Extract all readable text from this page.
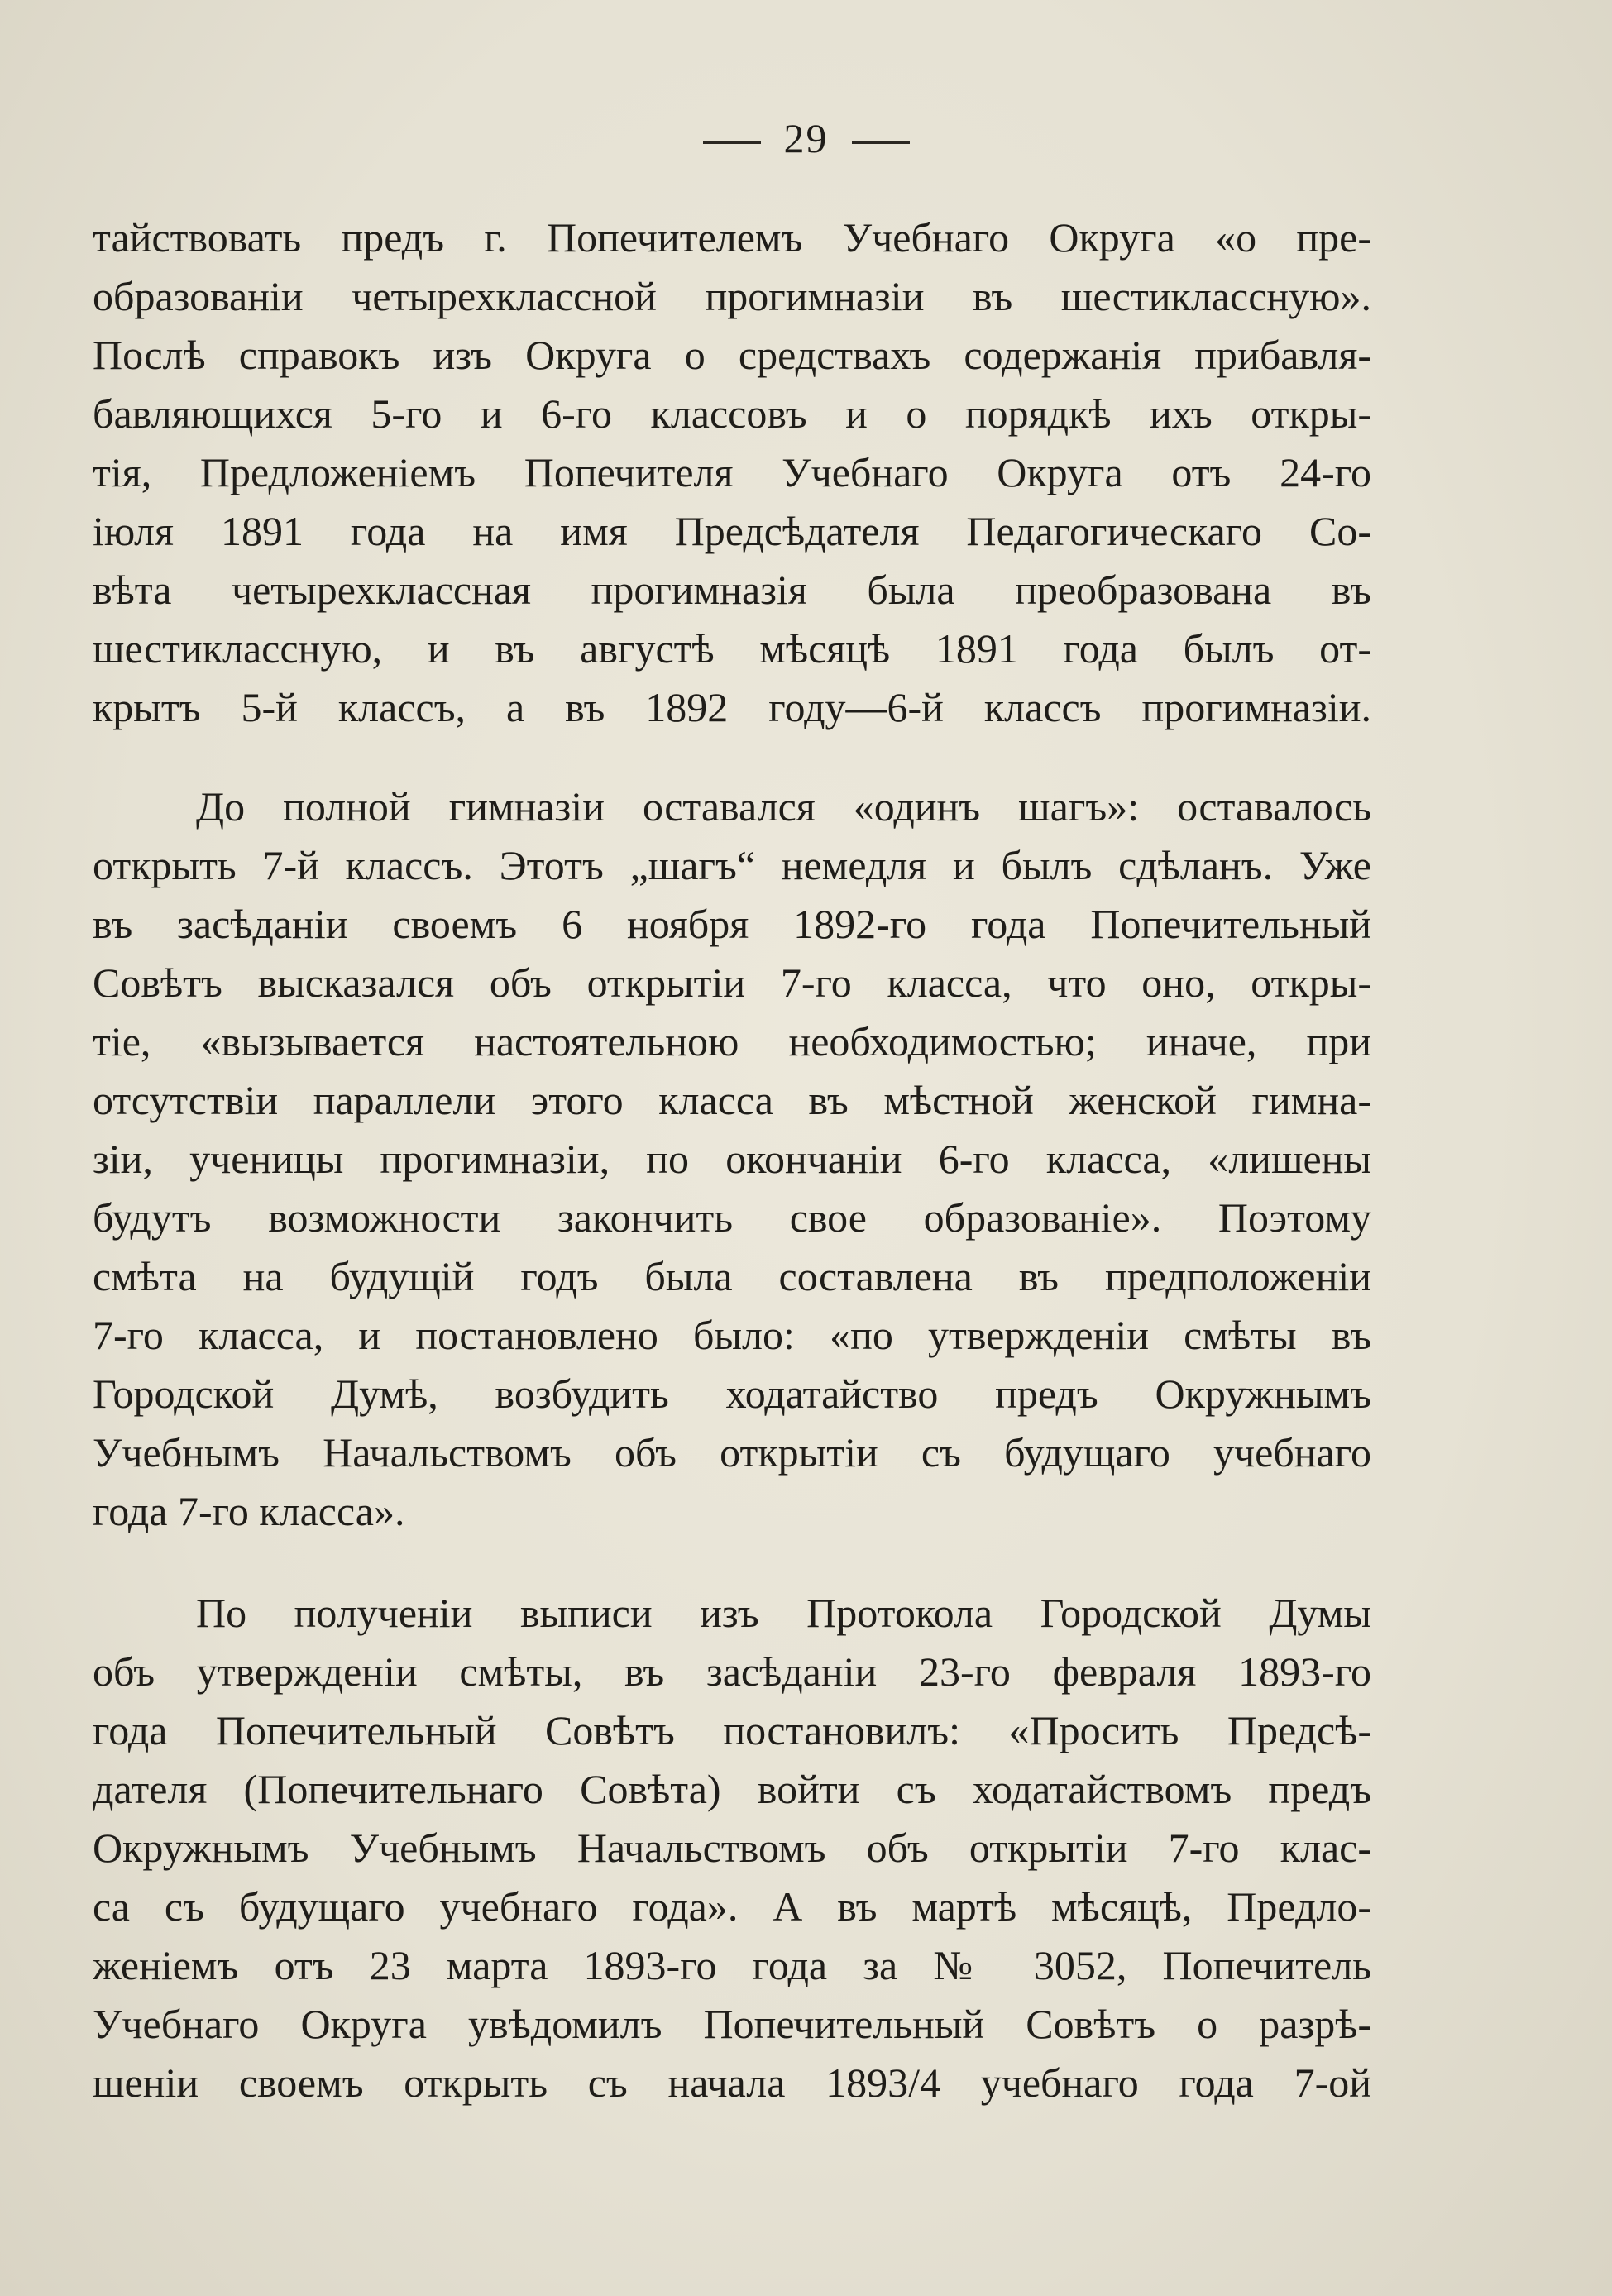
29
тайствовать предъ г. Попечителемъ Учебнаго Округа «о пре-
образованіи четырехклассной прогимназіи въ шестиклассную».
Послѣ справокъ изъ Округа о средствахъ содержанія прибавля-
бавляющихся 5-го и 6-го классовъ и о порядкѣ ихъ откры-
тія, Предложеніемъ Попечителя Учебнаго Округа отъ 24-го
іюля 1891 года на имя Предсѣдателя Педагогическаго Со-
вѣта четырехклассная прогимназія была преобразована въ
шестиклассную, и въ августѣ мѣсяцѣ 1891 года былъ от-
крытъ 5-й классъ, а въ 1892 году—6-й классъ прогимназіи.
До полной гимназіи оставался «одинъ шагъ»: оставалось
открыть 7-й классъ. Этотъ „шагъ“ немедля и былъ сдѣланъ. Уже
въ засѣданіи своемъ 6 ноября 1892-го года Попечительный
Совѣтъ высказался объ открытіи 7-го класса, что оно, откры-
тіе, «вызывается настоятельною необходимостью; иначе, при
отсутствіи параллели этого класса въ мѣстной женской гимна-
зіи, ученицы прогимназіи, по окончаніи 6-го класса, «лишены
будутъ возможности закончить свое образованіе». Поэтому
смѣта на будущій годъ была составлена въ предположеніи
7-го класса, и постановлено было: «по утвержденіи смѣты въ
Городской Думѣ, возбудить ходатайство предъ Окружнымъ
Учебнымъ Начальствомъ объ открытіи съ будущаго учебнаго
года 7-го класса».
По полученіи выписи изъ Протокола Городской Думы
объ утвержденіи смѣты, въ засѣданіи 23-го февраля 1893-го
года Попечительный Совѣтъ постановилъ: «Просить Предсѣ-
дателя (Попечительнаго Совѣта) войти съ ходатайствомъ предъ
Окружнымъ Учебнымъ Начальствомъ объ открытіи 7-го клас-
са съ будущаго учебнаго года». А въ мартѣ мѣсяцѣ, Предло-
женіемъ отъ 23 марта 1893-го года за № 3052, Попечитель
Учебнаго Округа увѣдомилъ Попечительный Совѣтъ о разрѣ-
шеніи своемъ открыть съ начала 1893/4 учебнаго года 7-ой
